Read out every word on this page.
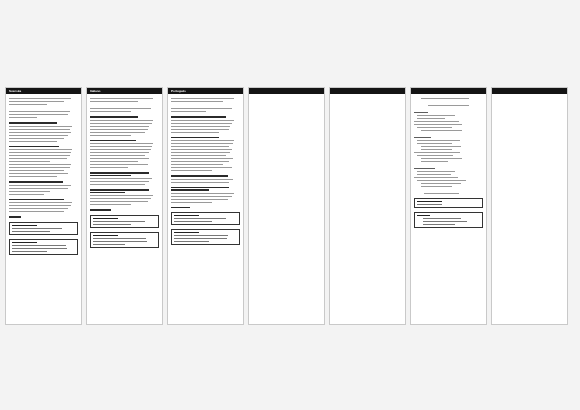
Svenska	Italiano	Português
